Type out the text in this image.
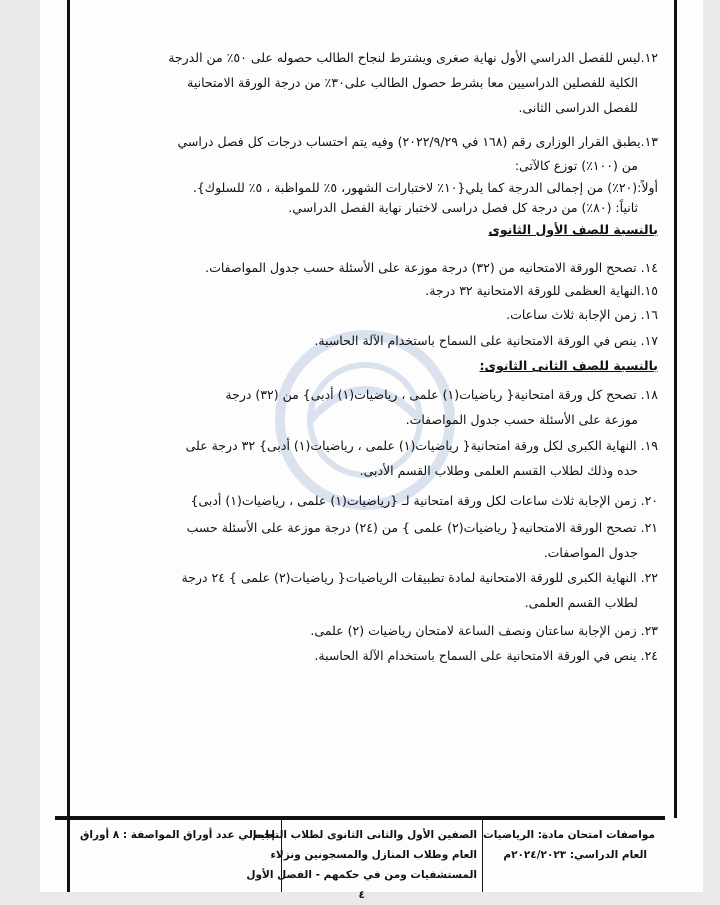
١٢.ليس للفصل الدراسي الأول نهاية صغرى ويشترط لنجاح الطالب حصوله على ٥٠٪ من الدرجة
الكلية للفصلين الدراسيين معا بشرط حصول الطالب على٣٠٪ من درجة الورقة الامتحانية
للفصل الدراسى الثانى.
١٣.يطبق القرار الوزارى رقم (١٦٨ في ٢٠٢٢/٩/٢٩) وفيه يتم احتساب درجات كل فصل دراسي
من (١٠٠٪) توزع كالآتى:
أولاً:(٢٠٪) من إجمالى الدرجة كما يلي{١٠٪ لاختبارات الشهور، ٥٪ للمواظبة ، ٥٪ للسلوك}.
ثانياً: (٨٠٪) من درجة كل فصل دراسى لاختبار نهاية الفصل الدراسي.
بالنسبة للصف الأول الثانوى
١٤. تصحح الورقة الامتحانيه من (٣٢) درجة موزعة على الأسئلة حسب جدول المواصفات.
١٥.النهاية العظمى للورقة الامتحانية ٣٢ درجة.
١٦. زمن الإجابة ثلاث ساعات.
١٧. ينص في الورقة الامتحانية على السماح باستخدام الآلة الحاسبة.
بالنسبة للصف الثانى الثانوى:
١٨. تصحح كل ورقة امتحانية{ رياضيات(١) علمى ، رياضيات(١) أدبى} من (٣٢) درجة
موزعة على الأسئلة حسب جدول المواصفات.
١٩. النهاية الكبرى لكل ورقة امتحانية{ رياضيات(١) علمى ، رياضيات(١) أدبى} ٣٢ درجة على
حده وذلك لطلاب القسم العلمى وطلاب القسم الأدبى.
٢٠. زمن الإجابة ثلاث ساعات لكل ورقة امتحانية لـ {رياضيات(١) علمى ، رياضيات(١) أدبى}
٢١. تصحح الورقة الامتحانيه{ رياضيات(٢) علمى } من (٢٤) درجة موزعة على الأسئلة حسب
جدول المواصفات.
٢٢. النهاية الكبرى للورقة الامتحانية لمادة تطبيقات الرياضيات{ رياضيات(٢) علمى } ٢٤ درجة
لطلاب القسم العلمى.
٢٣. زمن الإجابة ساعتان ونصف الساعة لامتحان رياضيات (٢) علمى.
٢٤. ينص في الورقة الامتحانية على السماح باستخدام الآلة الحاسبة.
مواصفات امتحان مادة: الرياضيات
العام الدراسي: ٢٠٢٤/٢٠٢٣م
الصفين الأول والثانى الثانوى لطلاب التعليم
العام وطلاب المنازل والمسجونين ونزلاء
المستشفيات ومن في حكمهم - الفصل الأول
٤
إجمالي عدد أوراق المواصفة : ٨ أوراق
